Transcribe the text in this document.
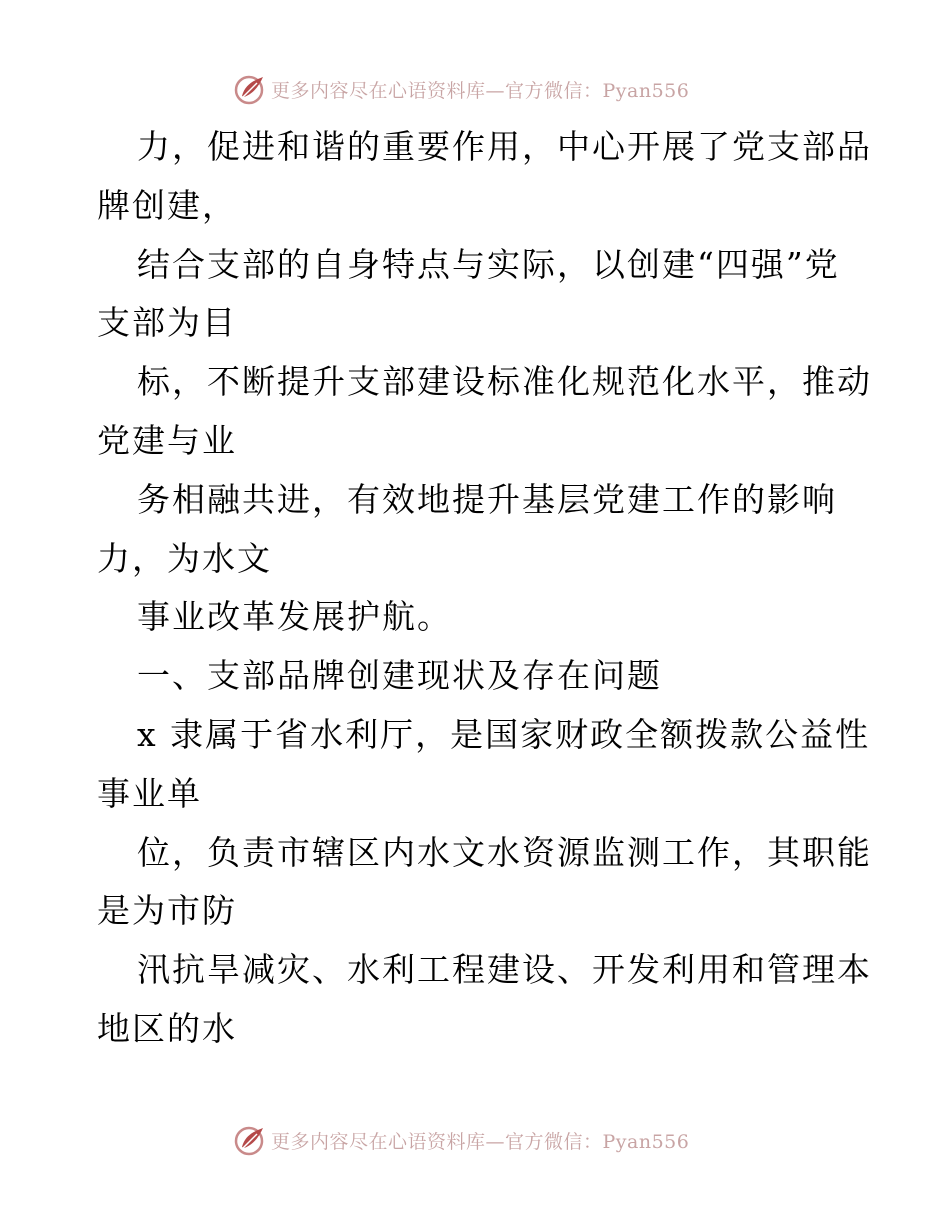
更多内容尽在心语资料库—官方微信：Pyan556
力，促进和谐的重要作用，中心开展了党支部品
牌创建，
结合支部的自身特点与实际，以创建“四强”党
支部为目
标，不断提升支部建设标准化规范化水平，推动
党建与业
务相融共进，有效地提升基层党建工作的影响
力，为水文
事业改革发展护航。
一、支部品牌创建现状及存在问题
x 隶属于省水利厅，是国家财政全额拨款公益性
事业单
位，负责市辖区内水文水资源监测工作，其职能
是为市防
汛抗旱减灾、水利工程建设、开发利用和管理本
地区的水
更多内容尽在心语资料库—官方微信：Pyan556
